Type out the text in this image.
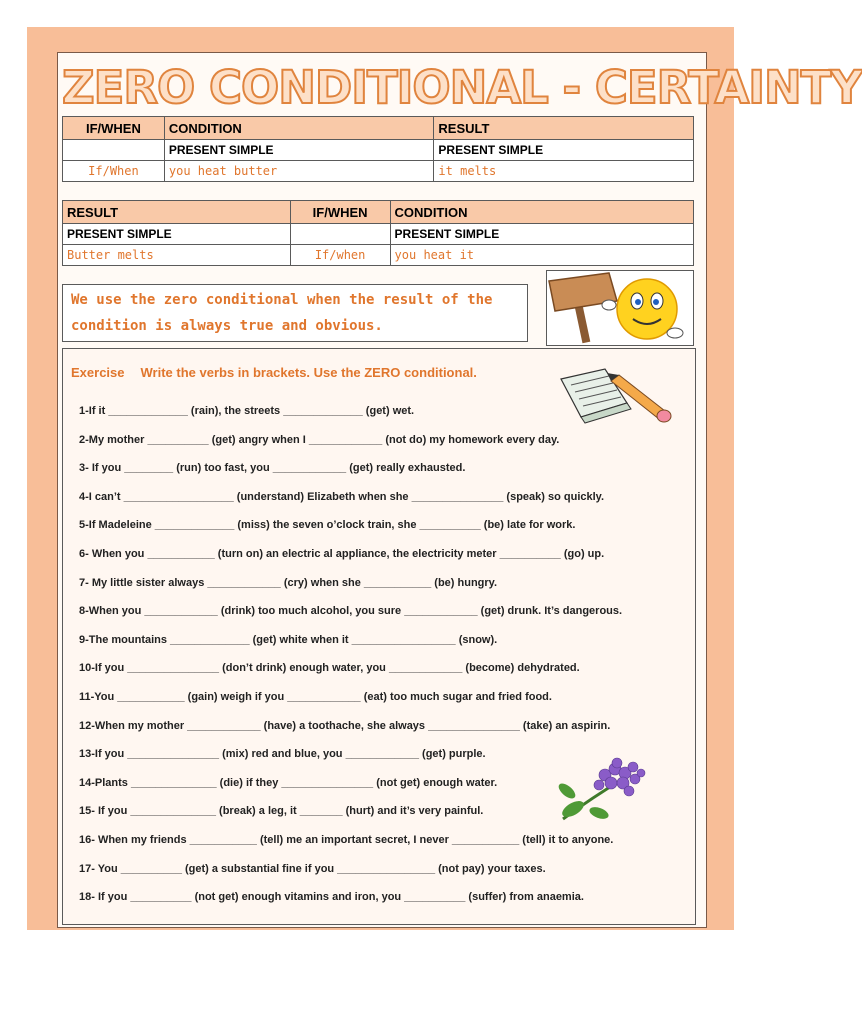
ZERO CONDITIONAL - CERTAINTY
IF/WHEN	CONDITION	RESULT
	PRESENT SIMPLE	PRESENT SIMPLE
If/When	you heat butter	it melts
RESULT	IF/WHEN	CONDITION
PRESENT SIMPLE		PRESENT SIMPLE
Butter melts	If/when	you heat it
We use the zero conditional when the result of the
condition is always true and obvious.
Exercise Write the verbs in brackets. Use the ZERO conditional.
1-If it _____________ (rain), the streets _____________ (get) wet.
2-My mother __________ (get) angry when I ____________ (not do) my homework every day.
3- If you ________ (run) too fast, you ____________ (get) really exhausted.
4-I can’t __________________ (understand) Elizabeth when she _______________ (speak) so quickly.
5-If Madeleine _____________ (miss) the seven o’clock train, she __________ (be) late for work.
6- When you ___________ (turn on) an electric al appliance, the electricity meter __________ (go) up.
7- My little sister always ____________ (cry) when she ___________ (be) hungry.
8-When you ____________ (drink) too much alcohol, you sure ____________ (get) drunk. It’s dangerous.
9-The mountains _____________ (get) white when it _________________ (snow).
10-If you _______________ (don’t drink) enough water, you ____________ (become) dehydrated.
11-You ___________ (gain) weigh if you ____________ (eat) too much sugar and fried food.
12-When my mother ____________ (have) a toothache, she always _______________ (take) an aspirin.
13-If you _______________ (mix) red and blue, you ____________ (get) purple.
14-Plants ______________ (die) if they _______________ (not get) enough water.
15- If you ______________ (break) a leg, it _______ (hurt) and it’s very painful.
16- When my friends ___________ (tell) me an important secret, I never ___________ (tell) it to anyone.
17- You __________ (get) a substantial fine if you ________________ (not pay) your taxes.
18- If you __________ (not get) enough vitamins and iron, you __________ (suffer) from anaemia.
